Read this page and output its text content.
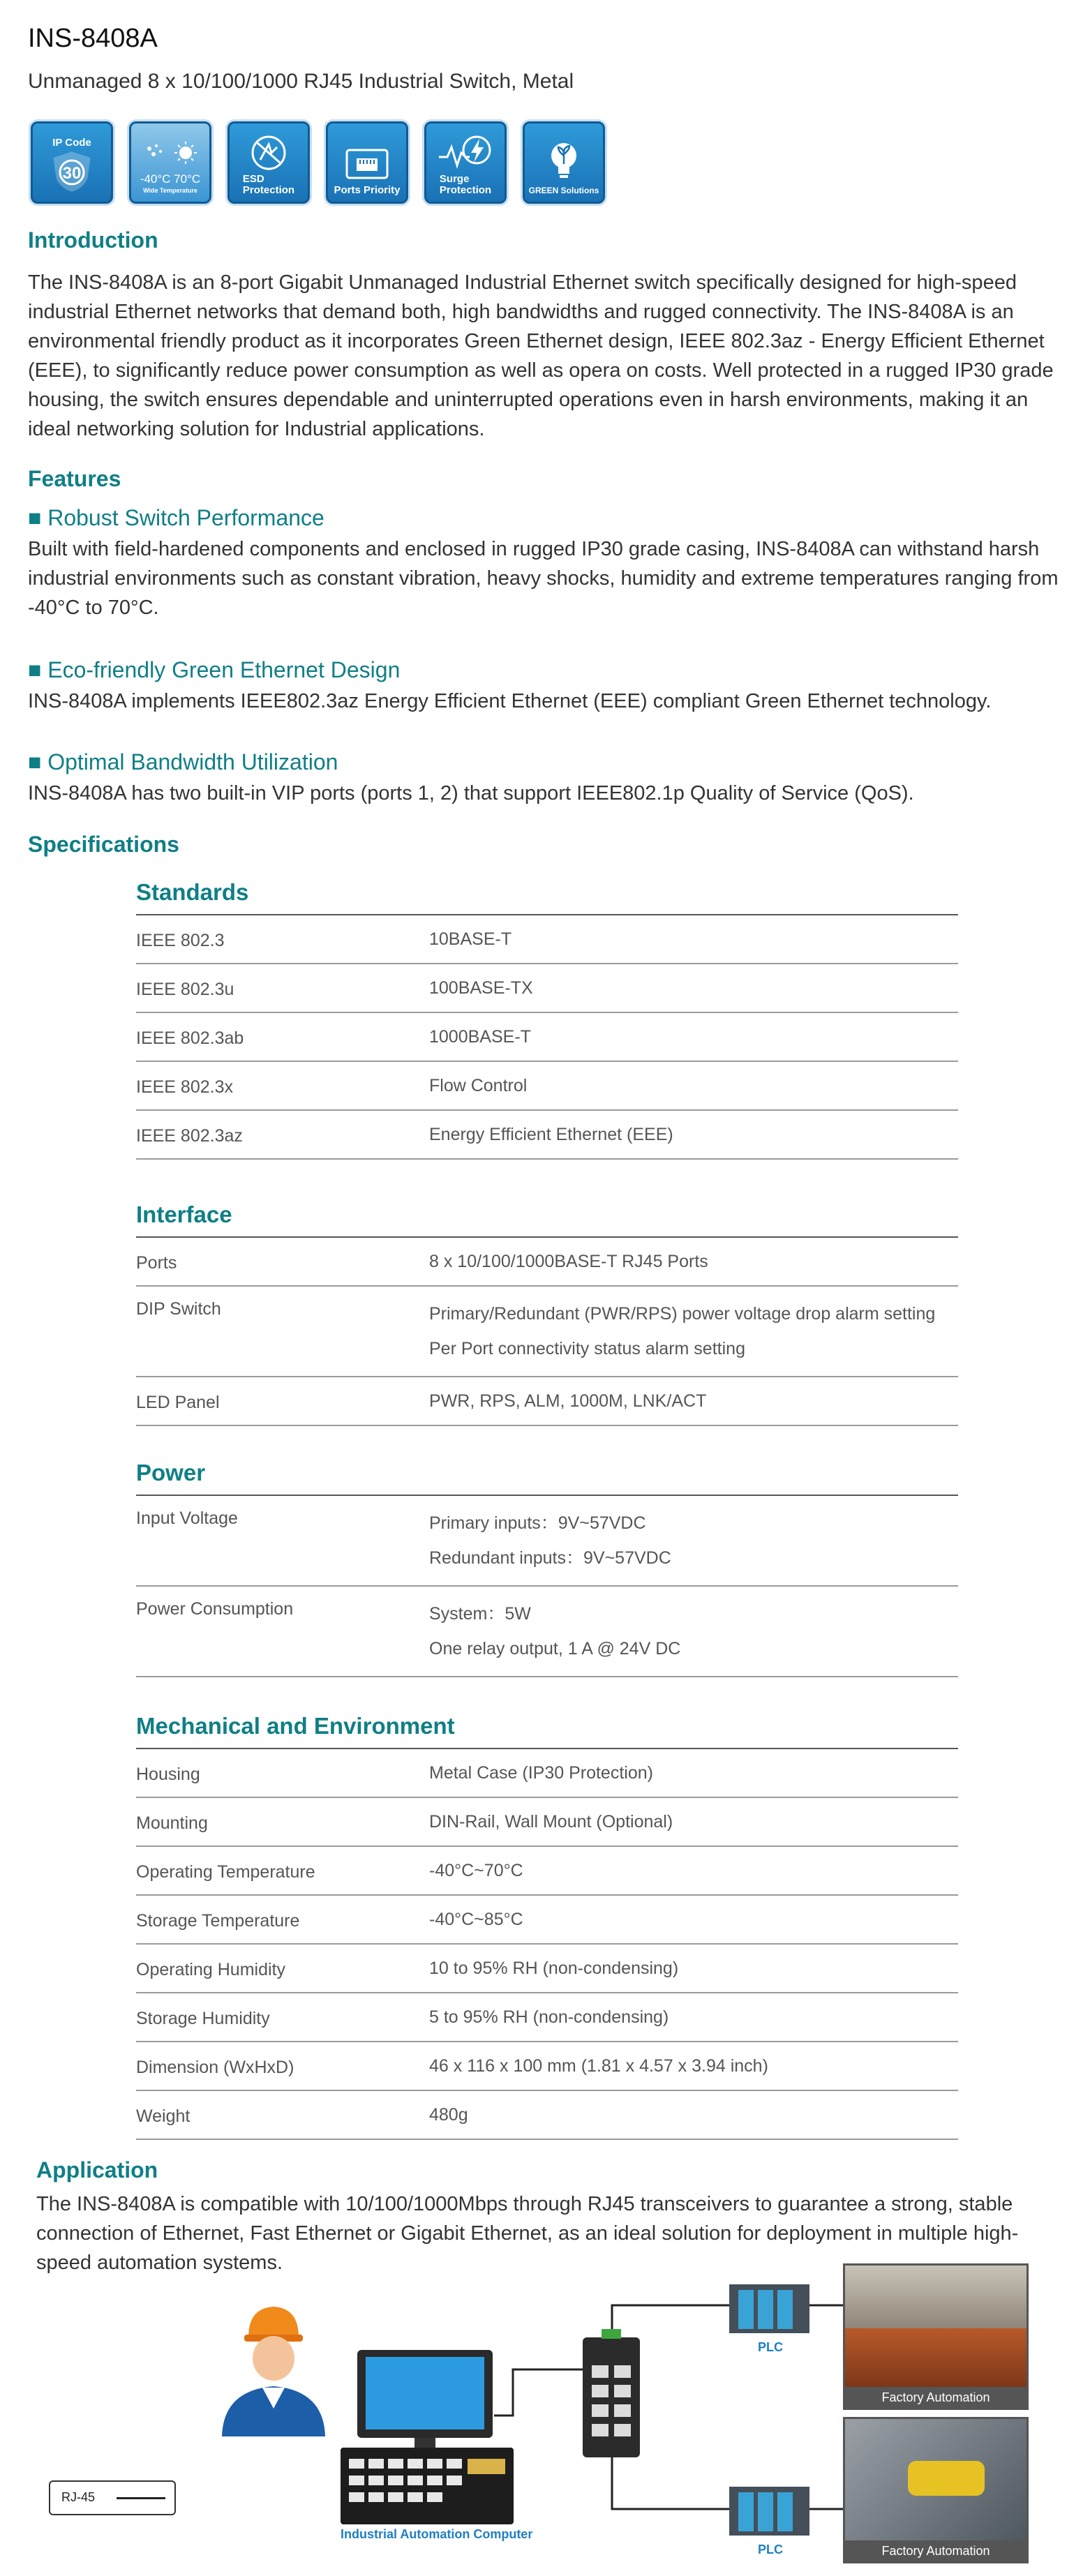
INS-8408A
Unmanaged 8 x 10/100/1000 RJ45 Industrial Switch, Metal
IP Code
30	-40°C 70°C
Wide Temperature
ESD
Protection	Ports Priority
Surge
Protection	GREEN Solutions
Introduction
The INS-8408A is an 8-port Gigabit Unmanaged Industrial Ethernet switch specifically designed for high-speed industrial Ethernet networks that demand both, high bandwidths and rugged connectivity. The INS-8408A is an environmental friendly product as it incorporates Green Ethernet design, IEEE 802.3az - Energy Efficient Ethernet (EEE), to significantly reduce power consumption as well as opera on costs. Well protected in a rugged IP30 grade housing, the switch ensures dependable and uninterrupted operations even in harsh environments, making it an ideal networking solution for Industrial applications.
Features
■ Robust Switch Performance
Built with field-hardened components and enclosed in rugged IP30 grade casing, INS-8408A can withstand harsh industrial environments such as constant vibration, heavy shocks, humidity and extreme temperatures ranging from -40°C to 70°C.
■ Eco-friendly Green Ethernet Design
INS-8408A implements IEEE802.3az Energy Efficient Ethernet (EEE) compliant Green Ethernet technology.
■ Optimal Bandwidth Utilization
INS-8408A has two built-in VIP ports (ports 1, 2) that support IEEE802.1p Quality of Service (QoS).
Specifications
Standards
IEEE 802.3	10BASE-T
IEEE 802.3u	100BASE-TX
IEEE 802.3ab	1000BASE-T
IEEE 802.3x	Flow Control
IEEE 802.3az	Energy Efficient Ethernet (EEE)
Interface
Ports	8 x 10/100/1000BASE-T RJ45 Ports
DIP Switch	Primary/Redundant (PWR/RPS) power voltage drop alarm setting
Per Port connectivity status alarm setting
LED Panel	PWR, RPS, ALM, 1000M, LNK/ACT
Power
Input Voltage	Primary inputs：9V~57VDC
Redundant inputs：9V~57VDC
Power Consumption	System：5W
One relay output, 1 A @ 24V DC
Mechanical and Environment
Housing	Metal Case (IP30 Protection)
Mounting	DIN-Rail, Wall Mount (Optional)
Operating Temperature	-40°C~70°C
Storage Temperature	-40°C~85°C
Operating Humidity	10 to 95% RH (non-condensing)
Storage Humidity	5 to 95% RH (non-condensing)
Dimension (WxHxD)	46 x 116 x 100 mm (1.81 x 4.57 x 3.94 inch)
Weight	480g
Application
The INS-8408A is compatible with 10/100/1000Mbps through RJ45 transceivers to guarantee a strong, stable connection of Ethernet, Fast Ethernet or Gigabit Ethernet, as an ideal solution for deployment in multiple high-speed automation systems.
Industrial Automation Computer
PLC
PLC
Factory Automation
Factory Automation
RJ-45
